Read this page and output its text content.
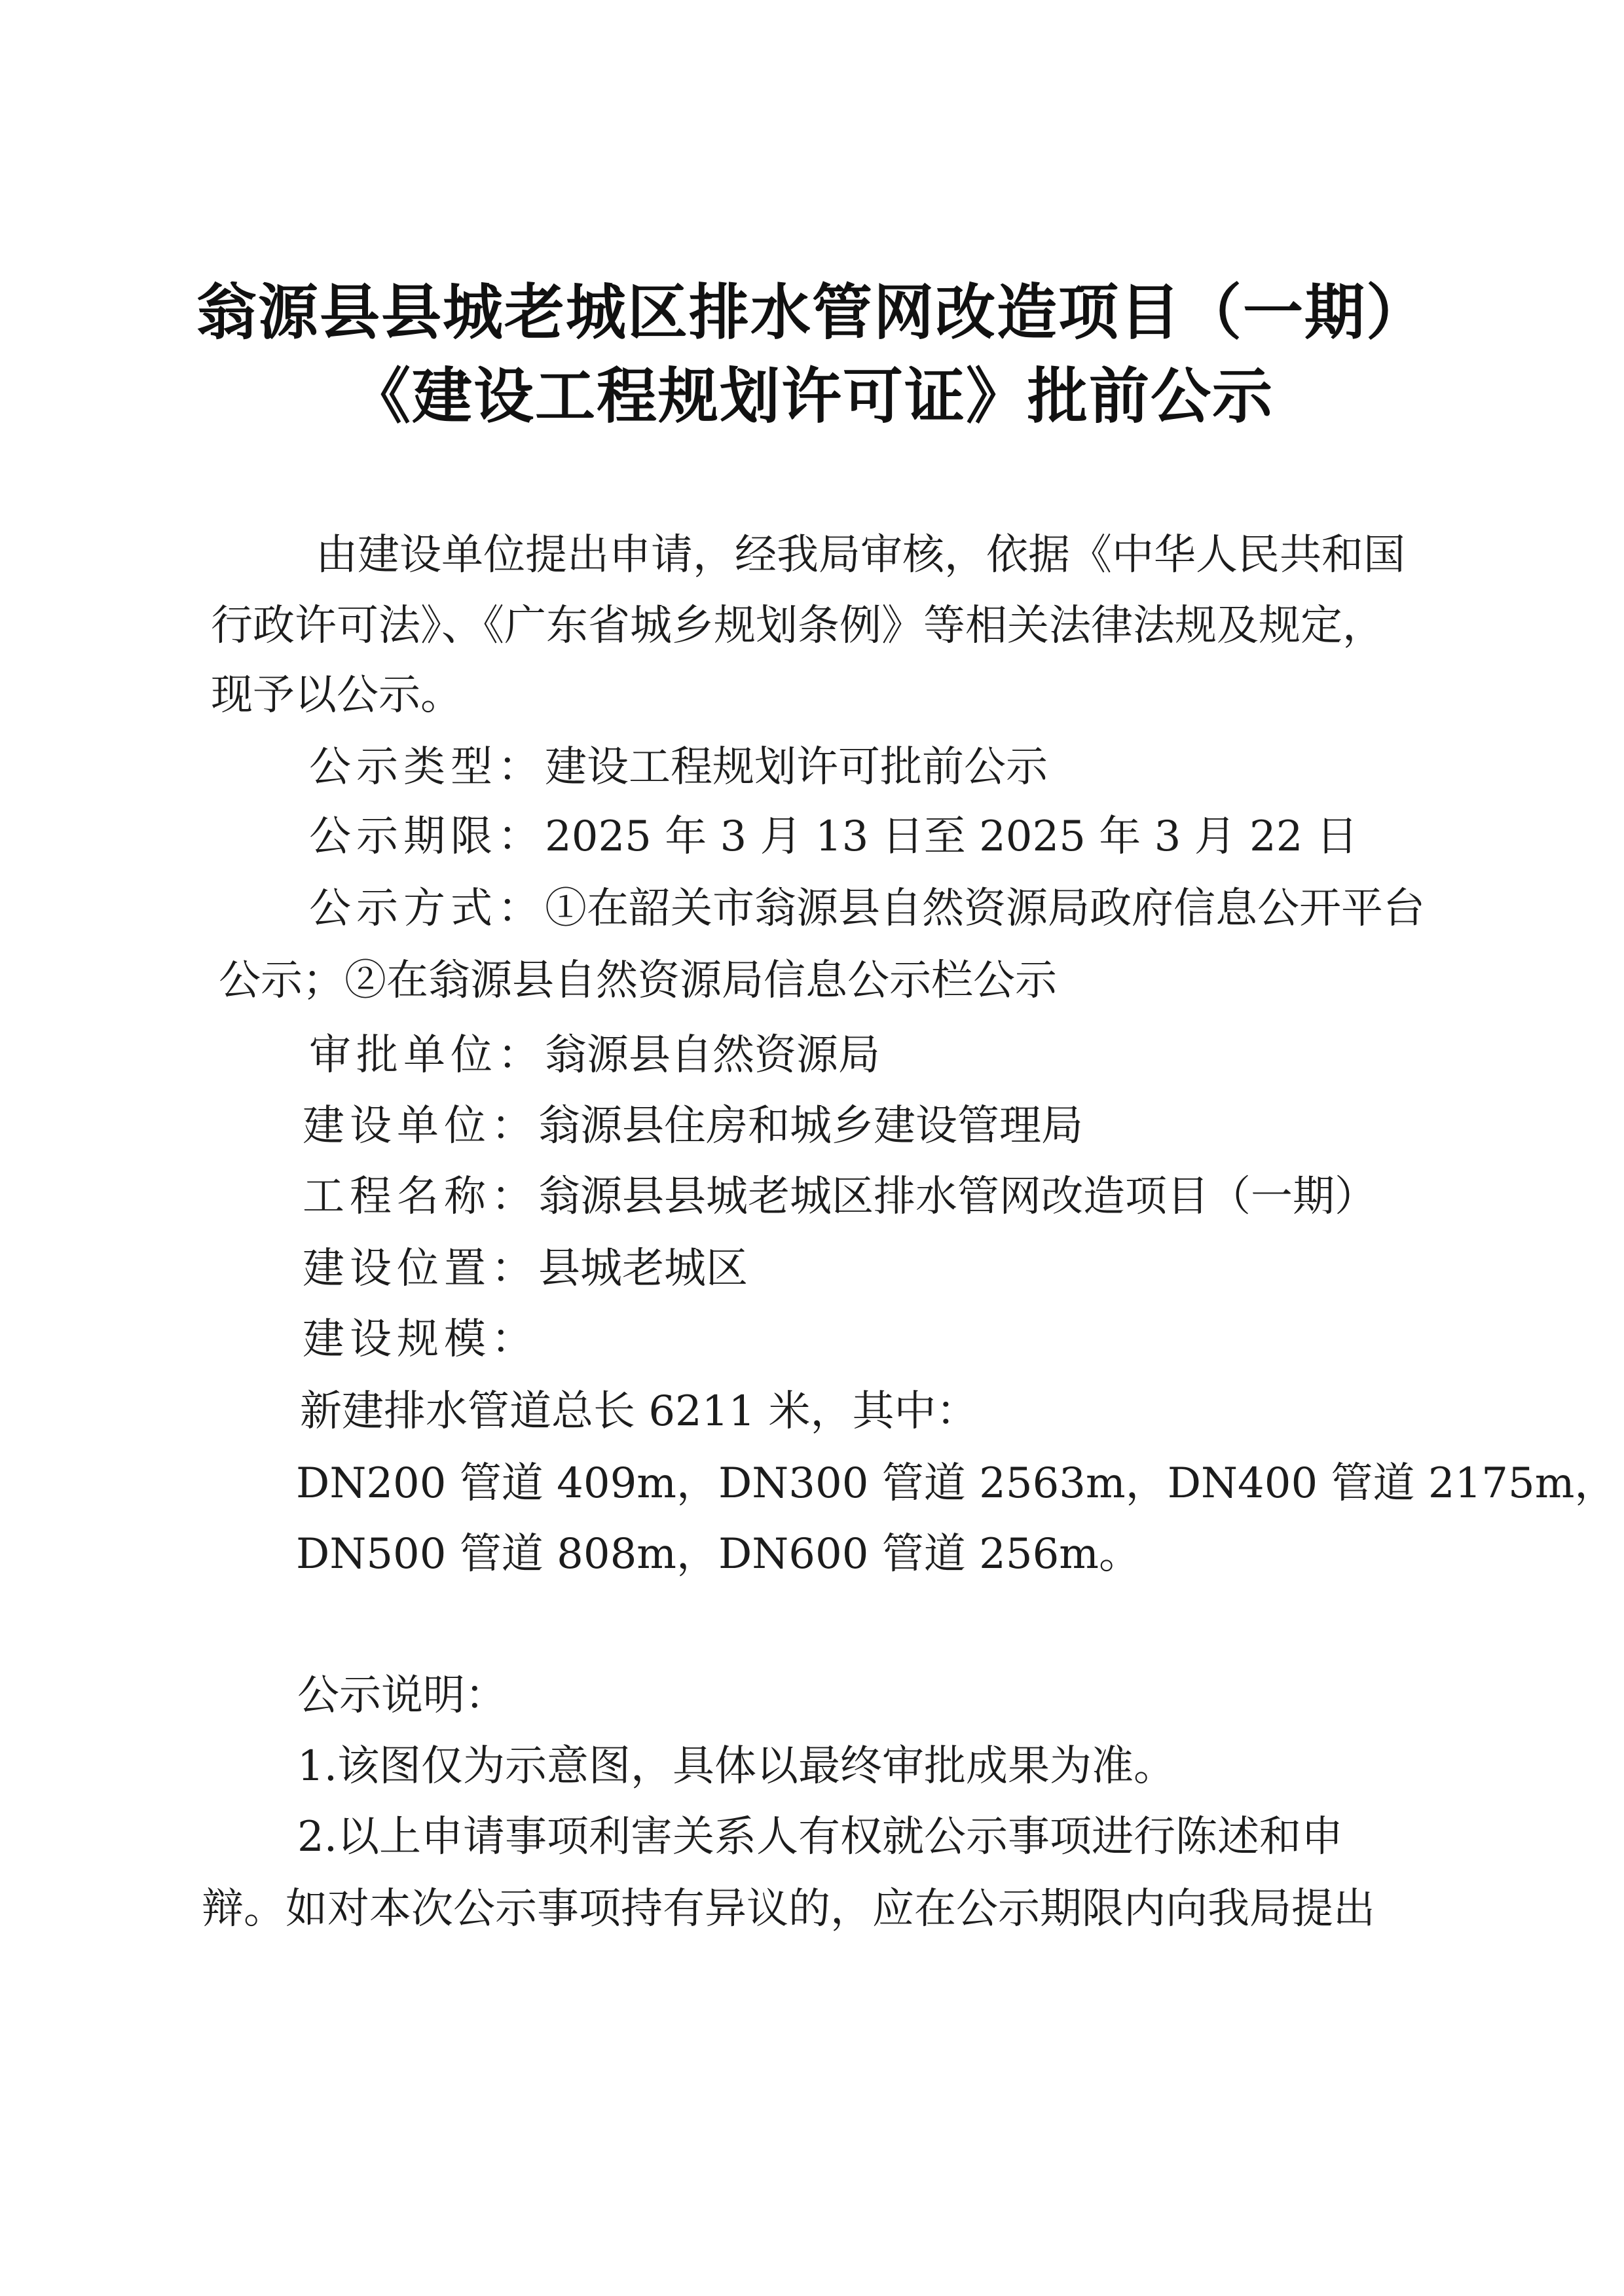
翁源县县城老城区排水管网改造项目（一期）
《建设工程规划许可证》批前公示
由建设单位提出申请，经我局审核，依据《中华人民共和国
行政许可法》、《广东省城乡规划条例》等相关法律法规及规定，
现予以公示。
公示类型：建设工程规划许可批前公示
公示期限：2025 年 3 月 13 日至 2025 年 3 月 22 日
公示方式：①在韶关市翁源县自然资源局政府信息公开平台
公示；②在翁源县自然资源局信息公示栏公示
审批单位：翁源县自然资源局
建设单位：翁源县住房和城乡建设管理局
工程名称：翁源县县城老城区排水管网改造项目（一期）
建设位置：县城老城区
建设规模：
新建排水管道总长 6211 米，其中：
DN200 管道 409m，DN300 管道 2563m，DN400 管道 2175m，
DN500 管道 808m，DN600 管道 256m。
公示说明：
1.该图仅为示意图，具体以最终审批成果为准。
2.以上申请事项利害关系人有权就公示事项进行陈述和申
辩。如对本次公示事项持有异议的，应在公示期限内向我局提出
